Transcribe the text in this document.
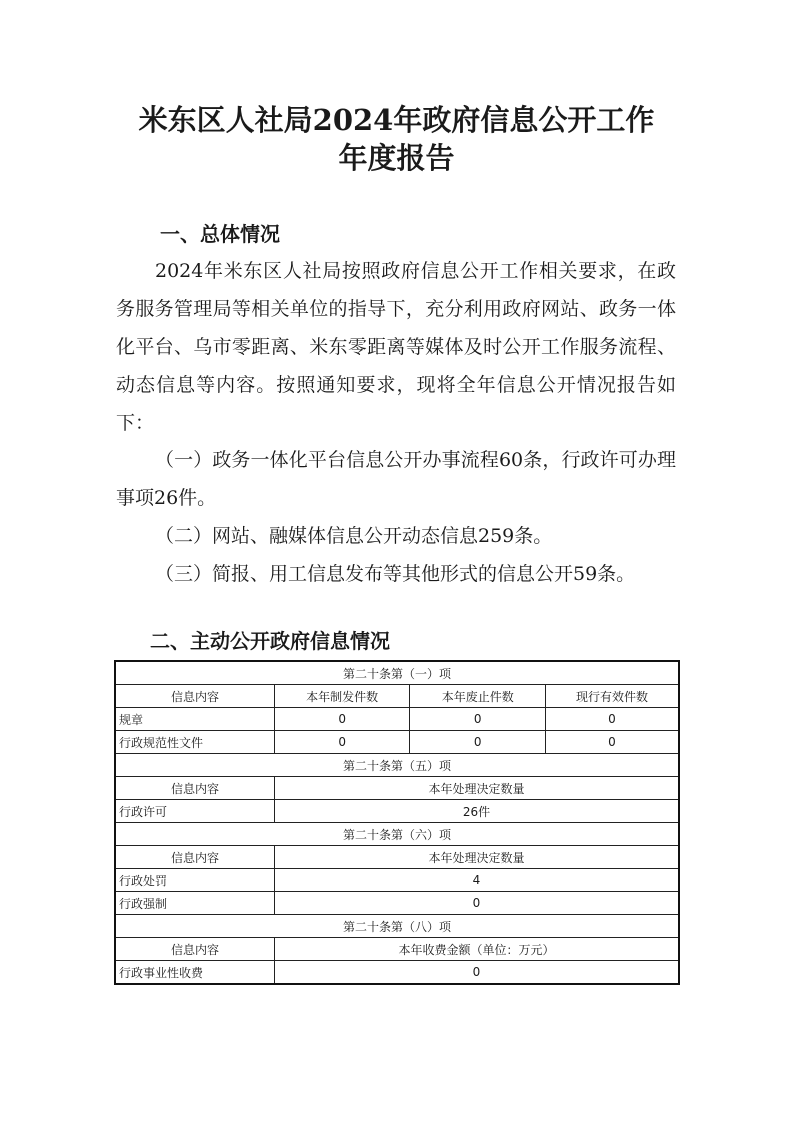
米东区人社局2024年政府信息公开工作
年度报告
一、总体情况
2024年米东区人社局按照政府信息公开工作相关要求，在政务服务管理局等相关单位的指导下，充分利用政府网站、政务一体化平台、乌市零距离、米东零距离等媒体及时公开工作服务流程、动态信息等内容。按照通知要求，现将全年信息公开情况报告如下：
（一）政务一体化平台信息公开办事流程60条，行政许可办理事项26件。
（二）网站、融媒体信息公开动态信息259条。
（三）简报、用工信息发布等其他形式的信息公开59条。
二、主动公开政府信息情况
第二十条第（一）项			
信息内容	本年制发件数	本年废止件数	现行有效件数
规章	0	0	0
行政规范性文件	0	0	0
第二十条第（五）项			
信息内容	本年处理决定数量		
行政许可	26件		
第二十条第（六）项			
信息内容	本年处理决定数量		
行政处罚	4		
行政强制	0		
第二十条第（八）项			
信息内容	本年收费金额（单位：万元）		
行政事业性收费	0		
